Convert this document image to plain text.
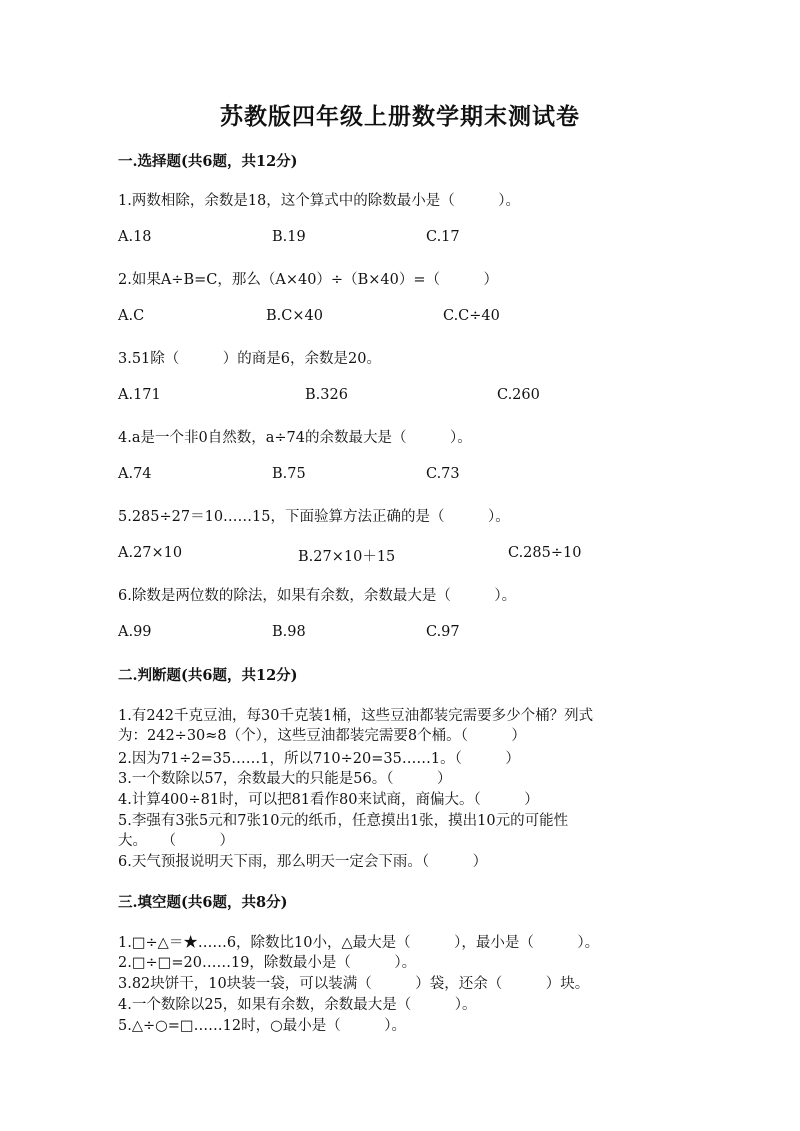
苏教版四年级上册数学期末测试卷
一.选择题(共6题，共12分)
1.两数相除，余数是18，这个算式中的除数最小是（　　　）。
A.18	B.19	C.17
2.如果A÷B=C，那么（A×40）÷（B×40）=（　　　）
A.C	B.C×40	C.C÷40
3.51除（　　　）的商是6，余数是20。
A.171	B.326	C.260
4.a是一个非0自然数，a÷74的余数最大是（　　　）。
A.74	B.75	C.73
5.285÷27＝10……15，下面验算方法正确的是（　　　）。
A.27×10	B.27×10＋15	C.285÷10
6.除数是两位数的除法，如果有余数，余数最大是（　　　）。
A.99	B.98	C.97
二.判断题(共6题，共12分)
1.有242千克豆油，每30千克装1桶，这些豆油都装完需要多少个桶？列式
为：242÷30≈8（个），这些豆油都装完需要8个桶。（　　　）
2.因为71÷2=35……1，所以710÷20=35……1。（　　　）
3.一个数除以57，余数最大的只能是56。（　　　）
4.计算400÷81时，可以把81看作80来试商，商偏大。（　　　）
5.李强有3张5元和7张10元的纸币，任意摸出1张，摸出10元的可能性
大。　　（　　　）
6.天气预报说明天下雨，那么明天一定会下雨。（　　　）
三.填空题(共6题，共8分)
1.□÷△＝★……6，除数比10小，△最大是（　　　），最小是（　　　）。
2.□÷□=20……19，除数最小是（　　　）。
3.82块饼干，10块装一袋，可以装满（　　　）袋，还余（　　　）块。
4.一个数除以25，如果有余数，余数最大是（　　　）。
5.△÷○=□……12时，○最小是（　　　）。
